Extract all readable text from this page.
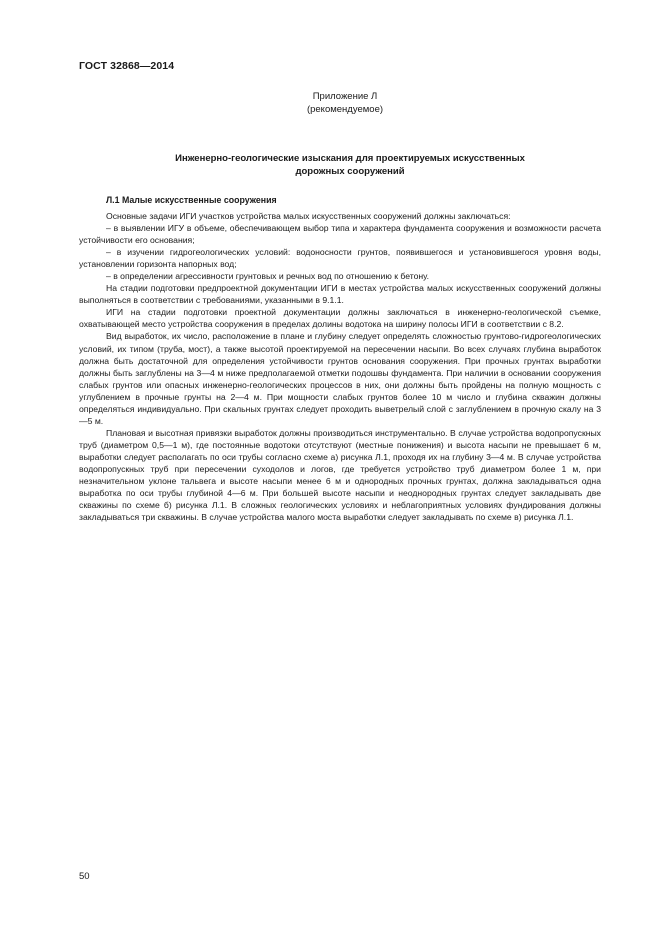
ГОСТ 32868—2014
Приложение Л
(рекомендуемое)
Инженерно-геологические изыскания для проектируемых искусственных
дорожных сооружений
Л.1 Малые искусственные сооружения

Основные задачи ИГИ участков устройства малых искусственных сооружений должны заключаться:

– в выявлении ИГУ в объеме, обеспечивающем выбор типа и характера фундамента сооружения и возможности расчета устойчивости его основания;

– в изучении гидрогеологических условий: водоносности грунтов, появившегося и установившегося уровня воды, установлении горизонта напорных вод;

– в определении агрессивности грунтовых и речных вод по отношению к бетону.

На стадии подготовки предпроектной документации ИГИ в местах устройства малых искусственных сооружений должны выполняться в соответствии с требованиями, указанными в 9.1.1.

ИГИ на стадии подготовки проектной документации должны заключаться в инженерно-геологической съемке, охватывающей место устройства сооружения в пределах долины водотока на ширину полосы ИГИ в соответствии с 8.2.

Вид выработок, их число, расположение в плане и глубину следует определять сложностью грунтово-гидрогеологических условий, их типом (труба, мост), а также высотой проектируемой на пересечении насыпи. Во всех случаях глубина выработок должна быть достаточной для определения устойчивости грунтов основания сооружения. При прочных грунтах выработки должны быть заглублены на 3—4 м ниже предполагаемой отметки подошвы фундамента. При наличии в основании сооружения слабых грунтов или опасных инженерно-геологических процессов в них, они должны быть пройдены на полную мощность с углублением в прочные грунты на 2—4 м. При мощности слабых грунтов более 10 м число и глубина скважин должны определяться индивидуально. При скальных грунтах следует проходить выветрелый слой с заглублением в прочную скалу на 3—5 м.

Плановая и высотная привязки выработок должны производиться инструментально. В случае устройства водопропускных труб (диаметром 0,5—1 м), где постоянные водотоки отсутствуют (местные понижения) и высота насыпи не превышает 6 м, выработки следует располагать по оси трубы согласно схеме а) рисунка Л.1, проходя их на глубину 3—4 м. В случае устройства водопропускных труб при пересечении суходолов и логов, где требуется устройство труб диаметром более 1 м, при незначительном уклоне тальвега и высоте насыпи менее 6 м и однородных прочных грунтах, должна закладываться одна выработка по оси трубы глубиной 4—6 м. При большей высоте насыпи и неоднородных грунтах следует закладывать две скважины по схеме б) рисунка Л.1. В сложных геологических условиях и неблагоприятных условиях фундирования должны закладываться три скважины. В случае устройства малого моста выработки следует закладывать по схеме в) рисунка Л.1.

50
